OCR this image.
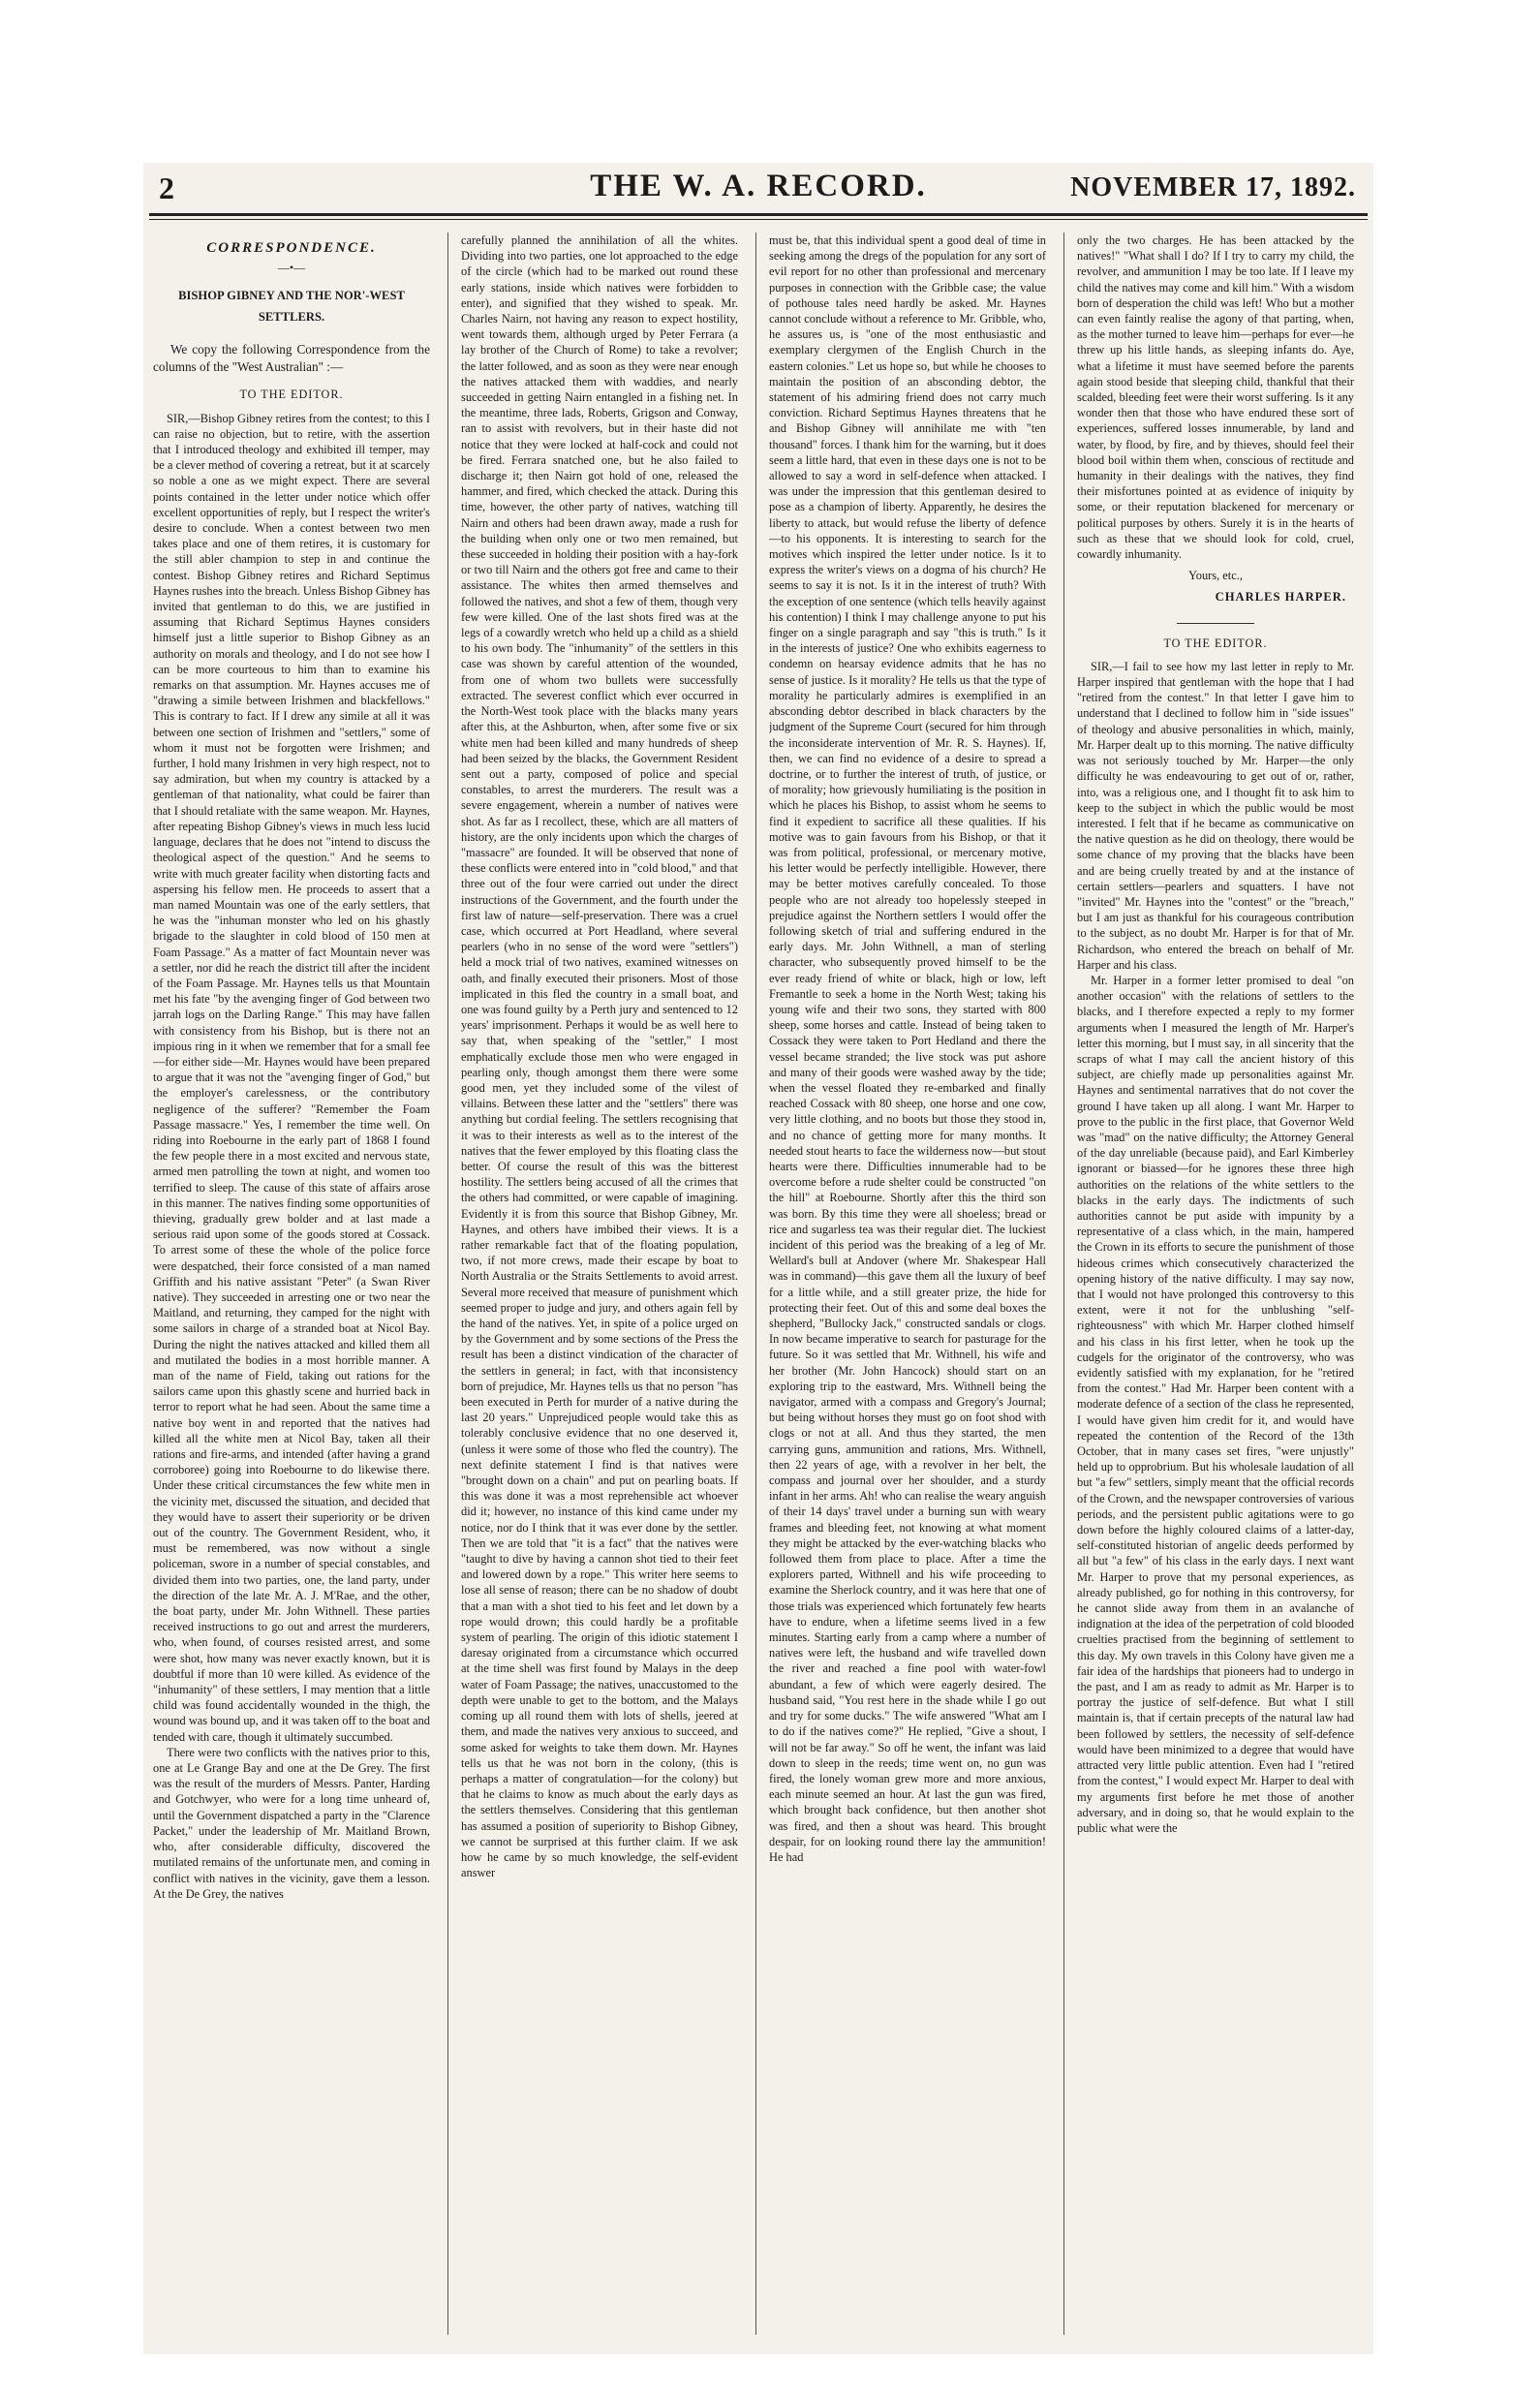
2	THE W. A. RECORD.	NOVEMBER 17, 1892.
CORRESPONDENCE.
—•—
BISHOP GIBNEY AND THE NOR'-WEST SETTLERS.

We copy the following Correspondence from the columns of the "West Australian" :—

TO THE EDITOR.

SIR,—Bishop Gibney retires from the contest; to this I can raise no objection, but to retire, with the assertion that I introduced theology and exhibited ill temper, may be a clever method of covering a retreat, but it at scarcely so noble a one as we might expect. There are several points contained in the letter under notice which offer excellent opportunities of reply, but I respect the writer's desire to conclude. When a contest between two men takes place and one of them retires, it is customary for the still abler champion to step in and continue the contest. Bishop Gibney retires and Richard Septimus Haynes rushes into the breach. Unless Bishop Gibney has invited that gentleman to do this, we are justified in assuming that Richard Septimus Haynes considers himself just a little superior to Bishop Gibney as an authority on morals and theology, and I do not see how I can be more courteous to him than to examine his remarks on that assumption. Mr. Haynes accuses me of "drawing a simile between Irishmen and blackfellows." This is contrary to fact. If I drew any simile at all it was between one section of Irishmen and "settlers," some of whom it must not be forgotten were Irishmen; and further, I hold many Irishmen in very high respect, not to say admiration, but when my country is attacked by a gentleman of that nationality, what could be fairer than that I should retaliate with the same weapon. Mr. Haynes, after repeating Bishop Gibney's views in much less lucid language, declares that he does not "intend to discuss the theological aspect of the question." And he seems to write with much greater facility when distorting facts and aspersing his fellow men. He proceeds to assert that a man named Mountain was one of the early settlers, that he was the "inhuman monster who led on his ghastly brigade to the slaughter in cold blood of 150 men at Foam Passage." As a matter of fact Mountain never was a settler, nor did he reach the district till after the incident of the Foam Passage. Mr. Haynes tells us that Mountain met his fate "by the avenging finger of God between two jarrah logs on the Darling Range." This may have fallen with consistency from his Bishop, but is there not an impious ring in it when we remember that for a small fee—for either side—Mr. Haynes would have been prepared to argue that it was not the "avenging finger of God," but the employer's carelessness, or the contributory negligence of the sufferer? "Remember the Foam Passage massacre." Yes, I remember the time well. On riding into Roebourne in the early part of 1868 I found the few people there in a most excited and nervous state, armed men patrolling the town at night, and women too terrified to sleep. The cause of this state of affairs arose in this manner. The natives finding some opportunities of thieving, gradually grew bolder and at last made a serious raid upon some of the goods stored at Cossack. To arrest some of these the whole of the police force were despatched, their force consisted of a man named Griffith and his native assistant "Peter" (a Swan River native). They succeeded in arresting one or two near the Maitland, and returning, they camped for the night with some sailors in charge of a stranded boat at Nicol Bay. During the night the natives attacked and killed them all and mutilated the bodies in a most horrible manner. A man of the name of Field, taking out rations for the sailors came upon this ghastly scene and hurried back in terror to report what he had seen. About the same time a native boy went in and reported that the natives had killed all the white men at Nicol Bay, taken all their rations and fire-arms, and intended (after having a grand corroboree) going into Roebourne to do likewise there. Under these critical circumstances the few white men in the vicinity met, discussed the situation, and decided that they would have to assert their superiority or be driven out of the country. The Government Resident, who, it must be remembered, was now without a single policeman, swore in a number of special constables, and divided them into two parties, one, the land party, under the direction of the late Mr. A. J. M'Rae, and the other, the boat party, under Mr. John Withnell. These parties received instructions to go out and arrest the murderers, who, when found, of courses resisted arrest, and some were shot, how many was never exactly known, but it is doubtful if more than 10 were killed. As evidence of the "inhumanity" of these settlers, I may mention that a little child was found accidentally wounded in the thigh, the wound was bound up, and it was taken off to the boat and tended with care, though it ultimately succumbed.

There were two conflicts with the natives prior to this, one at Le Grange Bay and one at the De Grey. The first was the result of the murders of Messrs. Panter, Harding and Gotchwyer, who were for a long time unheard of, until the Government dispatched a party in the "Clarence Packet," under the leadership of Mr. Maitland Brown, who, after considerable difficulty, discovered the mutilated remains of the unfortunate men, and coming in conflict with natives in the vicinity, gave them a lesson. At the De Grey, the natives

carefully planned the annihilation of all the whites. Dividing into two parties, one lot approached to the edge of the circle (which had to be marked out round these early stations, inside which natives were forbidden to enter), and signified that they wished to speak. Mr. Charles Nairn, not having any reason to expect hostility, went towards them, although urged by Peter Ferrara (a lay brother of the Church of Rome) to take a revolver; the latter followed, and as soon as they were near enough the natives attacked them with waddies, and nearly succeeded in getting Nairn entangled in a fishing net. In the meantime, three lads, Roberts, Grigson and Conway, ran to assist with revolvers, but in their haste did not notice that they were locked at half-cock and could not be fired. Ferrara snatched one, but he also failed to discharge it; then Nairn got hold of one, released the hammer, and fired, which checked the attack. During this time, however, the other party of natives, watching till Nairn and others had been drawn away, made a rush for the building when only one or two men remained, but these succeeded in holding their position with a hay-fork or two till Nairn and the others got free and came to their assistance. The whites then armed themselves and followed the natives, and shot a few of them, though very few were killed. One of the last shots fired was at the legs of a cowardly wretch who held up a child as a shield to his own body. The "inhumanity" of the settlers in this case was shown by careful attention of the wounded, from one of whom two bullets were successfully extracted. The severest conflict which ever occurred in the North-West took place with the blacks many years after this, at the Ashburton, when, after some five or six white men had been killed and many hundreds of sheep had been seized by the blacks, the Government Resident sent out a party, composed of police and special constables, to arrest the murderers. The result was a severe engagement, wherein a number of natives were shot. As far as I recollect, these, which are all matters of history, are the only incidents upon which the charges of "massacre" are founded. It will be observed that none of these conflicts were entered into in "cold blood," and that three out of the four were carried out under the direct instructions of the Government, and the fourth under the first law of nature—self-preservation. There was a cruel case, which occurred at Port Headland, where several pearlers (who in no sense of the word were "settlers") held a mock trial of two natives, examined witnesses on oath, and finally executed their prisoners. Most of those implicated in this fled the country in a small boat, and one was found guilty by a Perth jury and sentenced to 12 years' imprisonment. Perhaps it would be as well here to say that, when speaking of the "settler," I most emphatically exclude those men who were engaged in pearling only, though amongst them there were some good men, yet they included some of the vilest of villains. Between these latter and the "settlers" there was anything but cordial feeling. The settlers recognising that it was to their interests as well as to the interest of the natives that the fewer employed by this floating class the better. Of course the result of this was the bitterest hostility. The settlers being accused of all the crimes that the others had committed, or were capable of imagining. Evidently it is from this source that Bishop Gibney, Mr. Haynes, and others have imbibed their views. It is a rather remarkable fact that of the floating population, two, if not more crews, made their escape by boat to North Australia or the Straits Settlements to avoid arrest. Several more received that measure of punishment which seemed proper to judge and jury, and others again fell by the hand of the natives. Yet, in spite of a police urged on by the Government and by some sections of the Press the result has been a distinct vindication of the character of the settlers in general; in fact, with that inconsistency born of prejudice, Mr. Haynes tells us that no person "has been executed in Perth for murder of a native during the last 20 years." Unprejudiced people would take this as tolerably conclusive evidence that no one deserved it, (unless it were some of those who fled the country). The next definite statement I find is that natives were "brought down on a chain" and put on pearling boats. If this was done it was a most reprehensible act whoever did it; however, no instance of this kind came under my notice, nor do I think that it was ever done by the settler. Then we are told that "it is a fact" that the natives were "taught to dive by having a cannon shot tied to their feet and lowered down by a rope." This writer here seems to lose all sense of reason; there can be no shadow of doubt that a man with a shot tied to his feet and let down by a rope would drown; this could hardly be a profitable system of pearling. The origin of this idiotic statement I daresay originated from a circumstance which occurred at the time shell was first found by Malays in the deep water of Foam Passage; the natives, unaccustomed to the depth were unable to get to the bottom, and the Malays coming up all round them with lots of shells, jeered at them, and made the natives very anxious to succeed, and some asked for weights to take them down. Mr. Haynes tells us that he was not born in the colony, (this is perhaps a matter of congratulation—for the colony) but that he claims to know as much about the early days as the settlers themselves. Considering that this gentleman has assumed a position of superiority to Bishop Gibney, we cannot be surprised at this further claim. If we ask how he came by so much knowledge, the self-evident answer

must be, that this individual spent a good deal of time in seeking among the dregs of the population for any sort of evil report for no other than professional and mercenary purposes in connection with the Gribble case; the value of pothouse tales need hardly be asked. Mr. Haynes cannot conclude without a reference to Mr. Gribble, who, he assures us, is "one of the most enthusiastic and exemplary clergymen of the English Church in the eastern colonies." Let us hope so, but while he chooses to maintain the position of an absconding debtor, the statement of his admiring friend does not carry much conviction. Richard Septimus Haynes threatens that he and Bishop Gibney will annihilate me with "ten thousand" forces. I thank him for the warning, but it does seem a little hard, that even in these days one is not to be allowed to say a word in self-defence when attacked. I was under the impression that this gentleman desired to pose as a champion of liberty. Apparently, he desires the liberty to attack, but would refuse the liberty of defence—to his opponents. It is interesting to search for the motives which inspired the letter under notice. Is it to express the writer's views on a dogma of his church? He seems to say it is not. Is it in the interest of truth? With the exception of one sentence (which tells heavily against his contention) I think I may challenge anyone to put his finger on a single paragraph and say "this is truth." Is it in the interests of justice? One who exhibits eagerness to condemn on hearsay evidence admits that he has no sense of justice. Is it morality? He tells us that the type of morality he particularly admires is exemplified in an absconding debtor described in black characters by the judgment of the Supreme Court (secured for him through the inconsiderate intervention of Mr. R. S. Haynes). If, then, we can find no evidence of a desire to spread a doctrine, or to further the interest of truth, of justice, or of morality; how grievously humiliating is the position in which he places his Bishop, to assist whom he seems to find it expedient to sacrifice all these qualities. If his motive was to gain favours from his Bishop, or that it was from political, professional, or mercenary motive, his letter would be perfectly intelligible. However, there may be better motives carefully concealed. To those people who are not already too hopelessly steeped in prejudice against the Northern settlers I would offer the following sketch of trial and suffering endured in the early days. Mr. John Withnell, a man of sterling character, who subsequently proved himself to be the ever ready friend of white or black, high or low, left Fremantle to seek a home in the North West; taking his young wife and their two sons, they started with 800 sheep, some horses and cattle. Instead of being taken to Cossack they were taken to Port Hedland and there the vessel became stranded; the live stock was put ashore and many of their goods were washed away by the tide; when the vessel floated they re-embarked and finally reached Cossack with 80 sheep, one horse and one cow, very little clothing, and no boots but those they stood in, and no chance of getting more for many months. It needed stout hearts to face the wilderness now—but stout hearts were there. Difficulties innumerable had to be overcome before a rude shelter could be constructed "on the hill" at Roebourne. Shortly after this the third son was born. By this time they were all shoeless; bread or rice and sugarless tea was their regular diet. The luckiest incident of this period was the breaking of a leg of Mr. Wellard's bull at Andover (where Mr. Shakespear Hall was in command)—this gave them all the luxury of beef for a little while, and a still greater prize, the hide for protecting their feet. Out of this and some deal boxes the shepherd, "Bullocky Jack," constructed sandals or clogs. In now became imperative to search for pasturage for the future. So it was settled that Mr. Withnell, his wife and her brother (Mr. John Hancock) should start on an exploring trip to the eastward, Mrs. Withnell being the navigator, armed with a compass and Gregory's Journal; but being without horses they must go on foot shod with clogs or not at all. And thus they started, the men carrying guns, ammunition and rations, Mrs. Withnell, then 22 years of age, with a revolver in her belt, the compass and journal over her shoulder, and a sturdy infant in her arms. Ah! who can realise the weary anguish of their 14 days' travel under a burning sun with weary frames and bleeding feet, not knowing at what moment they might be attacked by the ever-watching blacks who followed them from place to place. After a time the explorers parted, Withnell and his wife proceeding to examine the Sherlock country, and it was here that one of those trials was experienced which fortunately few hearts have to endure, when a lifetime seems lived in a few minutes. Starting early from a camp where a number of natives were left, the husband and wife travelled down the river and reached a fine pool with water-fowl abundant, a few of which were eagerly desired. The husband said, "You rest here in the shade while I go out and try for some ducks." The wife answered "What am I to do if the natives come?" He replied, "Give a shout, I will not be far away." So off he went, the infant was laid down to sleep in the reeds; time went on, no gun was fired, the lonely woman grew more and more anxious, each minute seemed an hour. At last the gun was fired, which brought back confidence, but then another shot was fired, and then a shout was heard. This brought despair, for on looking round there lay the ammunition! He had

only the two charges. He has been attacked by the natives!" "What shall I do? If I try to carry my child, the revolver, and ammunition I may be too late. If I leave my child the natives may come and kill him." With a wisdom born of desperation the child was left! Who but a mother can even faintly realise the agony of that parting, when, as the mother turned to leave him—perhaps for ever—he threw up his little hands, as sleeping infants do. Aye, what a lifetime it must have seemed before the parents again stood beside that sleeping child, thankful that their scalded, bleeding feet were their worst suffering. Is it any wonder then that those who have endured these sort of experiences, suffered losses innumerable, by land and water, by flood, by fire, and by thieves, should feel their blood boil within them when, conscious of rectitude and humanity in their dealings with the natives, they find their misfortunes pointed at as evidence of iniquity by some, or their reputation blackened for mercenary or political purposes by others. Surely it is in the hearts of such as these that we should look for cold, cruel, cowardly inhumanity.

Yours, etc.,
CHARLES HARPER.
TO THE EDITOR.

SIR,—I fail to see how my last letter in reply to Mr. Harper inspired that gentleman with the hope that I had "retired from the contest." In that letter I gave him to understand that I declined to follow him in "side issues" of theology and abusive personalities in which, mainly, Mr. Harper dealt up to this morning. The native difficulty was not seriously touched by Mr. Harper—the only difficulty he was endeavouring to get out of or, rather, into, was a religious one, and I thought fit to ask him to keep to the subject in which the public would be most interested. I felt that if he became as communicative on the native question as he did on theology, there would be some chance of my proving that the blacks have been and are being cruelly treated by and at the instance of certain settlers—pearlers and squatters. I have not "invited" Mr. Haynes into the "contest" or the "breach," but I am just as thankful for his courageous contribution to the subject, as no doubt Mr. Harper is for that of Mr. Richardson, who entered the breach on behalf of Mr. Harper and his class.

Mr. Harper in a former letter promised to deal "on another occasion" with the relations of settlers to the blacks, and I therefore expected a reply to my former arguments when I measured the length of Mr. Harper's letter this morning, but I must say, in all sincerity that the scraps of what I may call the ancient history of this subject, are chiefly made up personalities against Mr. Haynes and sentimental narratives that do not cover the ground I have taken up all along. I want Mr. Harper to prove to the public in the first place, that Governor Weld was "mad" on the native difficulty; the Attorney General of the day unreliable (because paid), and Earl Kimberley ignorant or biassed—for he ignores these three high authorities on the relations of the white settlers to the blacks in the early days. The indictments of such authorities cannot be put aside with impunity by a representative of a class which, in the main, hampered the Crown in its efforts to secure the punishment of those hideous crimes which consecutively characterized the opening history of the native difficulty. I may say now, that I would not have prolonged this controversy to this extent, were it not for the unblushing "self-righteousness" with which Mr. Harper clothed himself and his class in his first letter, when he took up the cudgels for the originator of the controversy, who was evidently satisfied with my explanation, for he "retired from the contest." Had Mr. Harper been content with a moderate defence of a section of the class he represented, I would have given him credit for it, and would have repeated the contention of the Record of the 13th October, that in many cases set fires, "were unjustly" held up to opprobrium. But his wholesale laudation of all but "a few" settlers, simply meant that the official records of the Crown, and the newspaper controversies of various periods, and the persistent public agitations were to go down before the highly coloured claims of a latter-day, self-constituted historian of angelic deeds performed by all but "a few" of his class in the early days. I next want Mr. Harper to prove that my personal experiences, as already published, go for nothing in this controversy, for he cannot slide away from them in an avalanche of indignation at the idea of the perpetration of cold blooded cruelties practised from the beginning of settlement to this day. My own travels in this Colony have given me a fair idea of the hardships that pioneers had to undergo in the past, and I am as ready to admit as Mr. Harper is to portray the justice of self-defence. But what I still maintain is, that if certain precepts of the natural law had been followed by settlers, the necessity of self-defence would have been minimized to a degree that would have attracted very little public attention. Even had I "retired from the contest," I would expect Mr. Harper to deal with my arguments first before he met those of another adversary, and in doing so, that he would explain to the public what were the
